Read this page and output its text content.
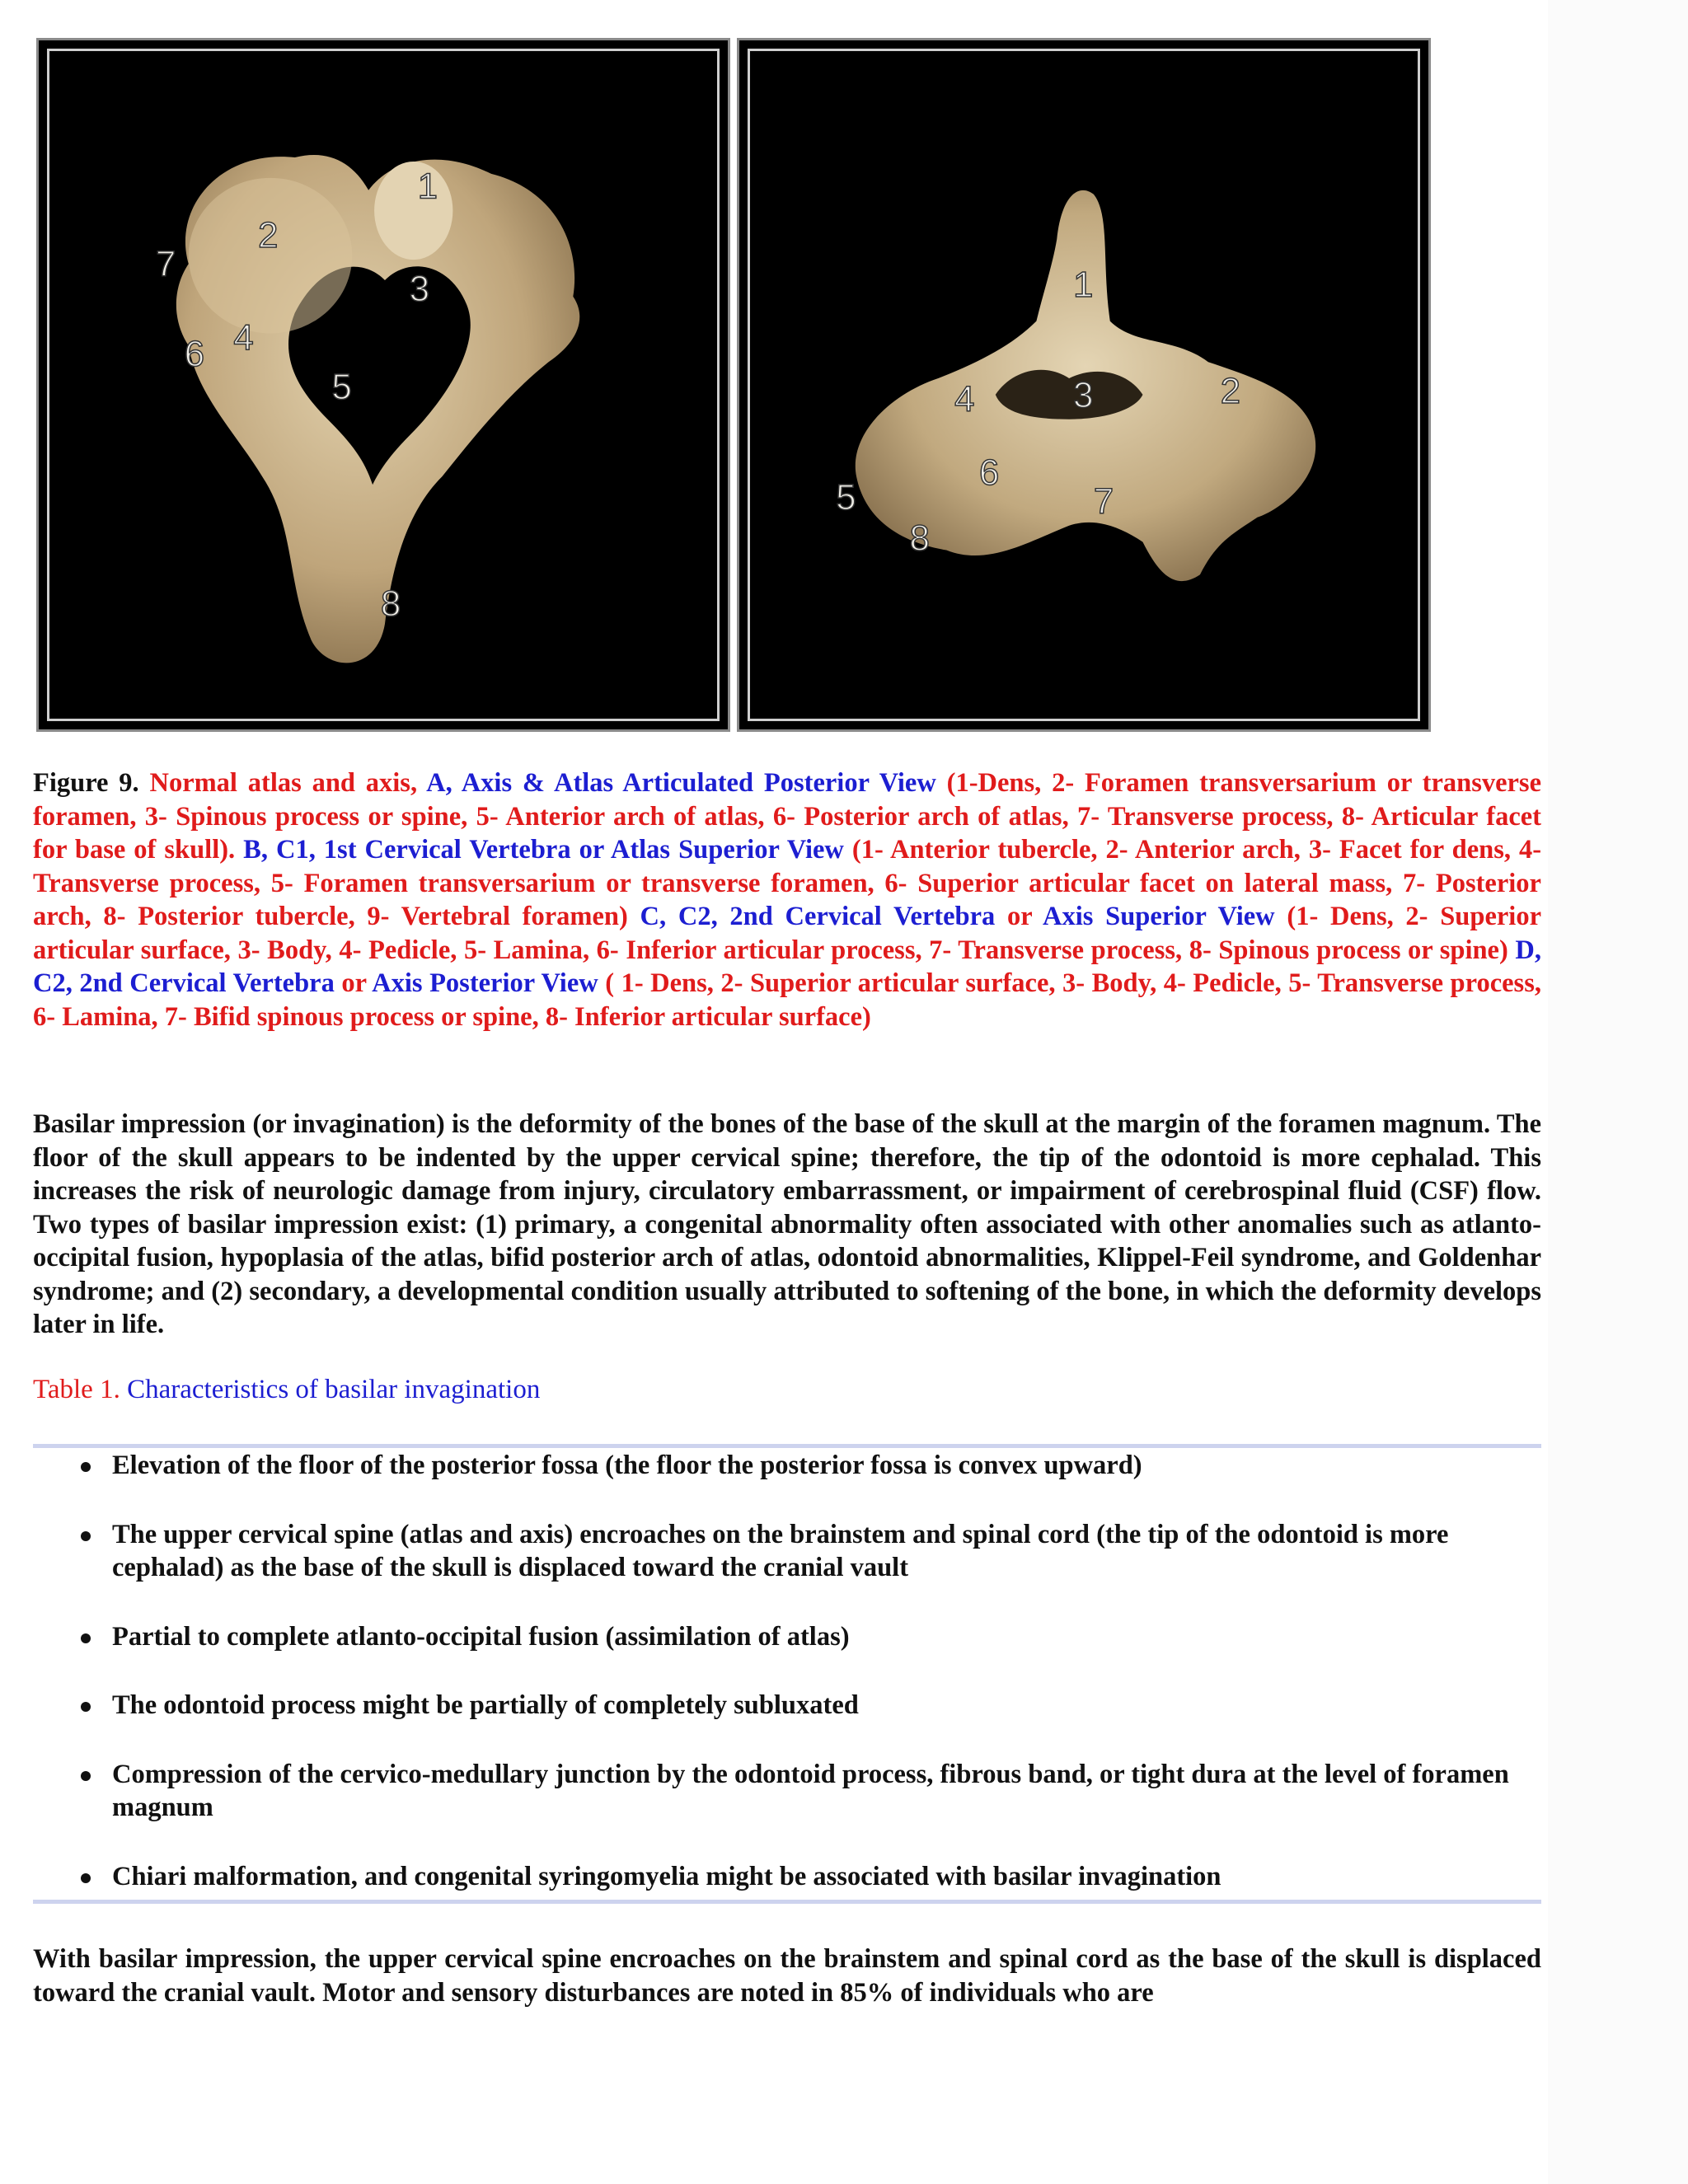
1
2
3
4
5
6
7
8
1
2
3
4
5
6
7
8

Figure 9. Normal atlas and axis, A, Axis & Atlas Articulated Posterior View (1-Dens, 2- Foramen transversarium or transverse foramen, 3- Spinous process or spine, 5- Anterior arch of atlas, 6- Posterior arch of atlas, 7- Transverse process, 8- Articular facet for base of skull). B, C1, 1st Cervical Vertebra or Atlas Superior View (1- Anterior tubercle, 2- Anterior arch, 3- Facet for dens, 4- Transverse process, 5- Foramen transversarium or transverse foramen, 6- Superior articular facet on lateral mass, 7- Posterior arch, 8- Posterior tubercle, 9- Vertebral foramen) C, C2, 2nd Cervical Vertebra or Axis Superior View (1- Dens, 2- Superior articular surface, 3- Body, 4- Pedicle, 5- Lamina, 6- Inferior articular process, 7- Transverse process, 8- Spinous process or spine) D, C2, 2nd Cervical Vertebra or Axis Posterior View ( 1- Dens, 2- Superior articular surface, 3- Body, 4- Pedicle, 5- Transverse process, 6- Lamina, 7- Bifid spinous process or spine, 8- Inferior articular surface)

Basilar impression (or invagination) is the deformity of the bones of the base of the skull at the margin of the foramen magnum. The floor of the skull appears to be indented by the upper cervical spine; therefore, the tip of the odontoid is more cephalad. This increases the risk of neurologic damage from injury, circulatory embarrassment, or impairment of cerebrospinal fluid (CSF) flow. Two types of basilar impression exist: (1) primary, a congenital abnormality often associated with other anomalies such as atlanto-occipital fusion, hypoplasia of the atlas, bifid posterior arch of atlas, odontoid abnormalities, Klippel-Feil syndrome, and Goldenhar syndrome; and (2) secondary, a developmental condition usually attributed to softening of the bone, in which the deformity develops later in life.

Table 1. Characteristics of basilar invagination

Elevation of the floor of the posterior fossa (the floor the posterior fossa is convex upward)
The upper cervical spine (atlas and axis) encroaches on the brainstem and spinal cord (the tip of the odontoid is more cephalad) as the base of the skull is displaced toward the cranial vault
Partial to complete atlanto-occipital fusion (assimilation of atlas)
The odontoid process might be partially of completely subluxated
Compression of the cervico-medullary junction by the odontoid process, fibrous band, or tight dura at the level of foramen magnum
Chiari malformation, and congenital syringomyelia might be associated with basilar invagination

With basilar impression, the upper cervical spine encroaches on the brainstem and spinal cord as the base of the skull is displaced toward the cranial vault. Motor and sensory disturbances are noted in 85% of individuals who are
